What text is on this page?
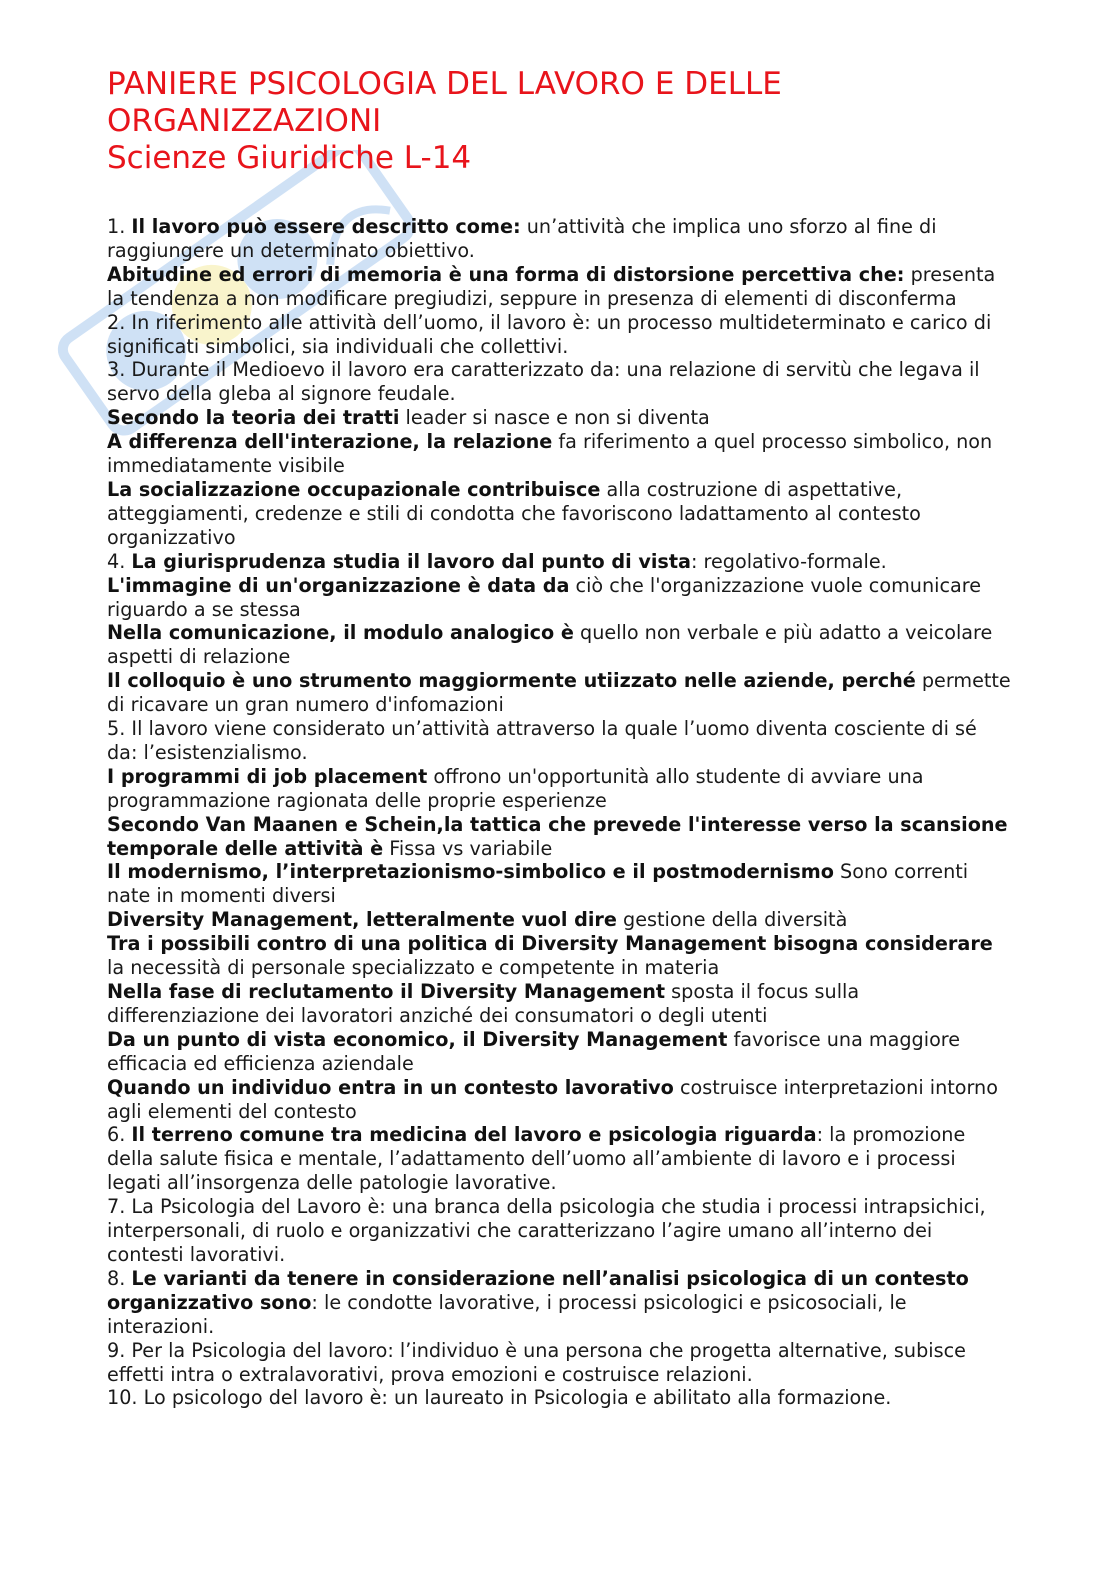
PANIERE PSICOLOGIA DEL LAVORO E DELLE
ORGANIZZAZIONI
Scienze Giuridiche L-14

1. Il lavoro può essere descritto come: un’attività che implica uno sforzo al fine di raggiungere un determinato obiettivo.

Abitudine ed errori di memoria è una forma di distorsione percettiva che: presenta la tendenza a non modificare pregiudizi, seppure in presenza di elementi di disconferma

2. In riferimento alle attività dell’uomo, il lavoro è: un processo multideterminato e carico di significati simbolici, sia individuali che collettivi.

3. Durante il Medioevo il lavoro era caratterizzato da: una relazione di servitù che legava il servo della gleba al signore feudale.

Secondo la teoria dei tratti leader si nasce e non si diventa

A differenza dell'interazione, la relazione fa riferimento a quel processo simbolico, non immediatamente visibile

La socializzazione occupazionale contribuisce alla costruzione di aspettative, atteggiamenti, credenze e stili di condotta che favoriscono ladattamento al contesto organizzativo

4. La giurisprudenza studia il lavoro dal punto di vista: regolativo-formale.

L'immagine di un'organizzazione è data da ciò che l'organizzazione vuole comunicare riguardo a se stessa

Nella comunicazione, il modulo analogico è quello non verbale e più adatto a veicolare aspetti di relazione

Il colloquio è uno strumento maggiormente utiizzato nelle aziende, perché permette di ricavare un gran numero d'infomazioni

5. Il lavoro viene considerato un’attività attraverso la quale l’uomo diventa cosciente di sé da: l’esistenzialismo.

I programmi di job placement offrono un'opportunità allo studente di avviare una programmazione ragionata delle proprie esperienze

Secondo Van Maanen e Schein,la tattica che prevede l'interesse verso la scansione temporale delle attività è Fissa vs variabile

Il modernismo, l’interpretazionismo-simbolico e il postmodernismo Sono correnti nate in momenti diversi

Diversity Management, letteralmente vuol dire gestione della diversità

Tra i possibili contro di una politica di Diversity Management bisogna considerare la necessità di personale specializzato e competente in materia

Nella fase di reclutamento il Diversity Management sposta il focus sulla differenziazione dei lavoratori anziché dei consumatori o degli utenti

Da un punto di vista economico, il Diversity Management favorisce una maggiore efficacia ed efficienza aziendale

Quando un individuo entra in un contesto lavorativo costruisce interpretazioni intorno agli elementi del contesto

6. Il terreno comune tra medicina del lavoro e psicologia riguarda: la promozione della salute fisica e mentale, l’adattamento dell’uomo all’ambiente di lavoro e i processi legati all’insorgenza delle patologie lavorative.

7. La Psicologia del Lavoro è: una branca della psicologia che studia i processi intrapsichici, interpersonali, di ruolo e organizzativi che caratterizzano l’agire umano all’interno dei contesti lavorativi.

8. Le varianti da tenere in considerazione nell’analisi psicologica di un contesto organizzativo sono: le condotte lavorative, i processi psicologici e psicosociali, le interazioni.

9. Per la Psicologia del lavoro: l’individuo è una persona che progetta alternative, subisce effetti intra o extralavorativi, prova emozioni e costruisce relazioni.

10. Lo psicologo del lavoro è: un laureato in Psicologia e abilitato alla formazione.
